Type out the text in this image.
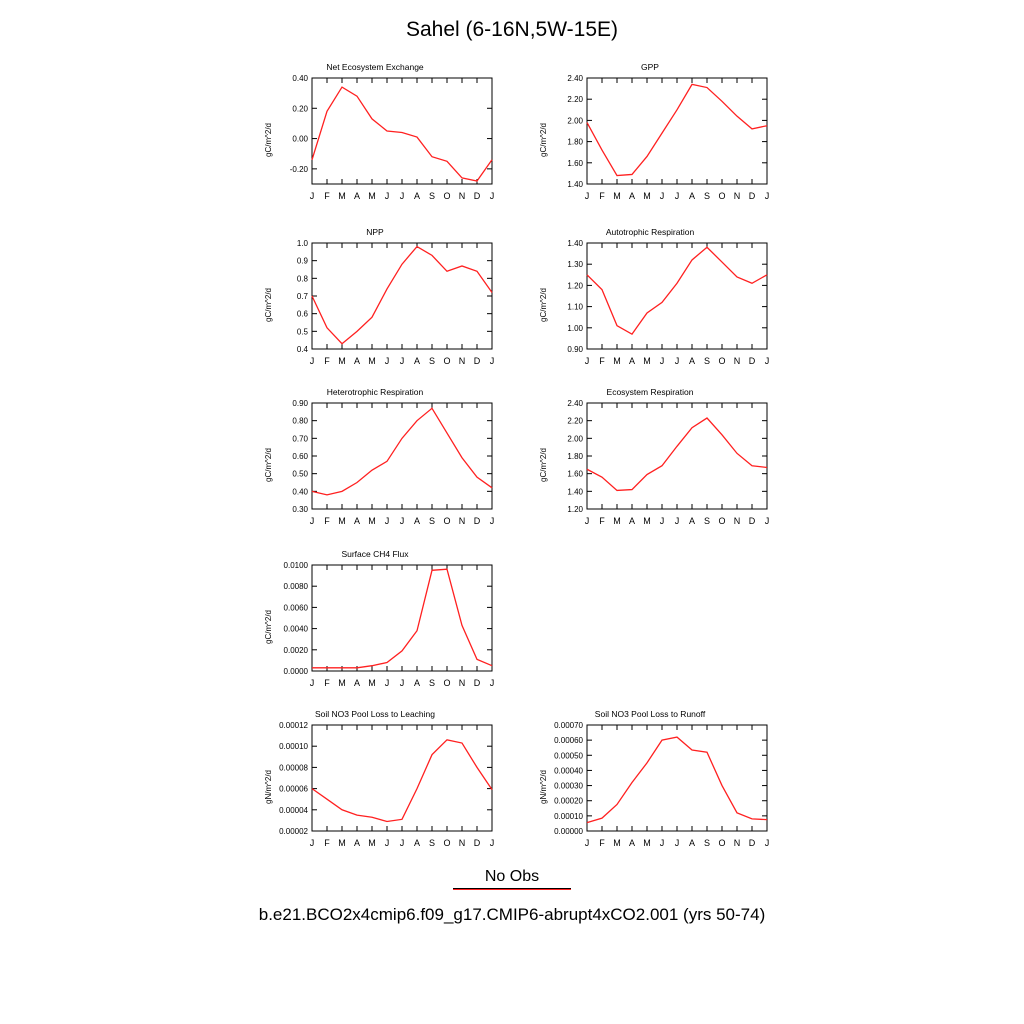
Sahel (6-16N,5W-15E)
Net Ecosystem Exchange
-0.20
0.00
0.20
0.40
J F M A M J J A S O N D J
gC/m^2/d
GPP
1.40
1.60
1.80
2.00
2.20
2.40
J F M A M J J A S O N D J
gC/m^2/d
NPP
0.4
0.5
0.6
0.7
0.8
0.9
1.0
J F M A M J J A S O N D J
gC/m^2/d
Autotrophic Respiration
0.90
1.00
1.10
1.20
1.30
1.40
J F M A M J J A S O N D J
gC/m^2/d
Heterotrophic Respiration
0.30
0.40
0.50
0.60
0.70
0.80
0.90
J F M A M J J A S O N D J
gC/m^2/d
Ecosystem Respiration
1.20
1.40
1.60
1.80
2.00
2.20
2.40
J F M A M J J A S O N D J
gC/m^2/d
Surface CH4 Flux
0.0000
0.0020
0.0040
0.0060
0.0080
0.0100
J F M A M J J A S O N D J
gC/m^2/d
Soil NO3 Pool Loss to Leaching
0.00002
0.00004
0.00006
0.00008
0.00010
0.00012
J F M A M J J A S O N D J
gN/m^2/d
Soil NO3 Pool Loss to Runoff
0.00000
0.00010
0.00020
0.00030
0.00040
0.00050
0.00060
0.00070
J F M A M J J A S O N D J
gN/m^2/d
No Obs
b.e21.BCO2x4cmip6.f09_g17.CMIP6-abrupt4xCO2.001 (yrs 50-74)
